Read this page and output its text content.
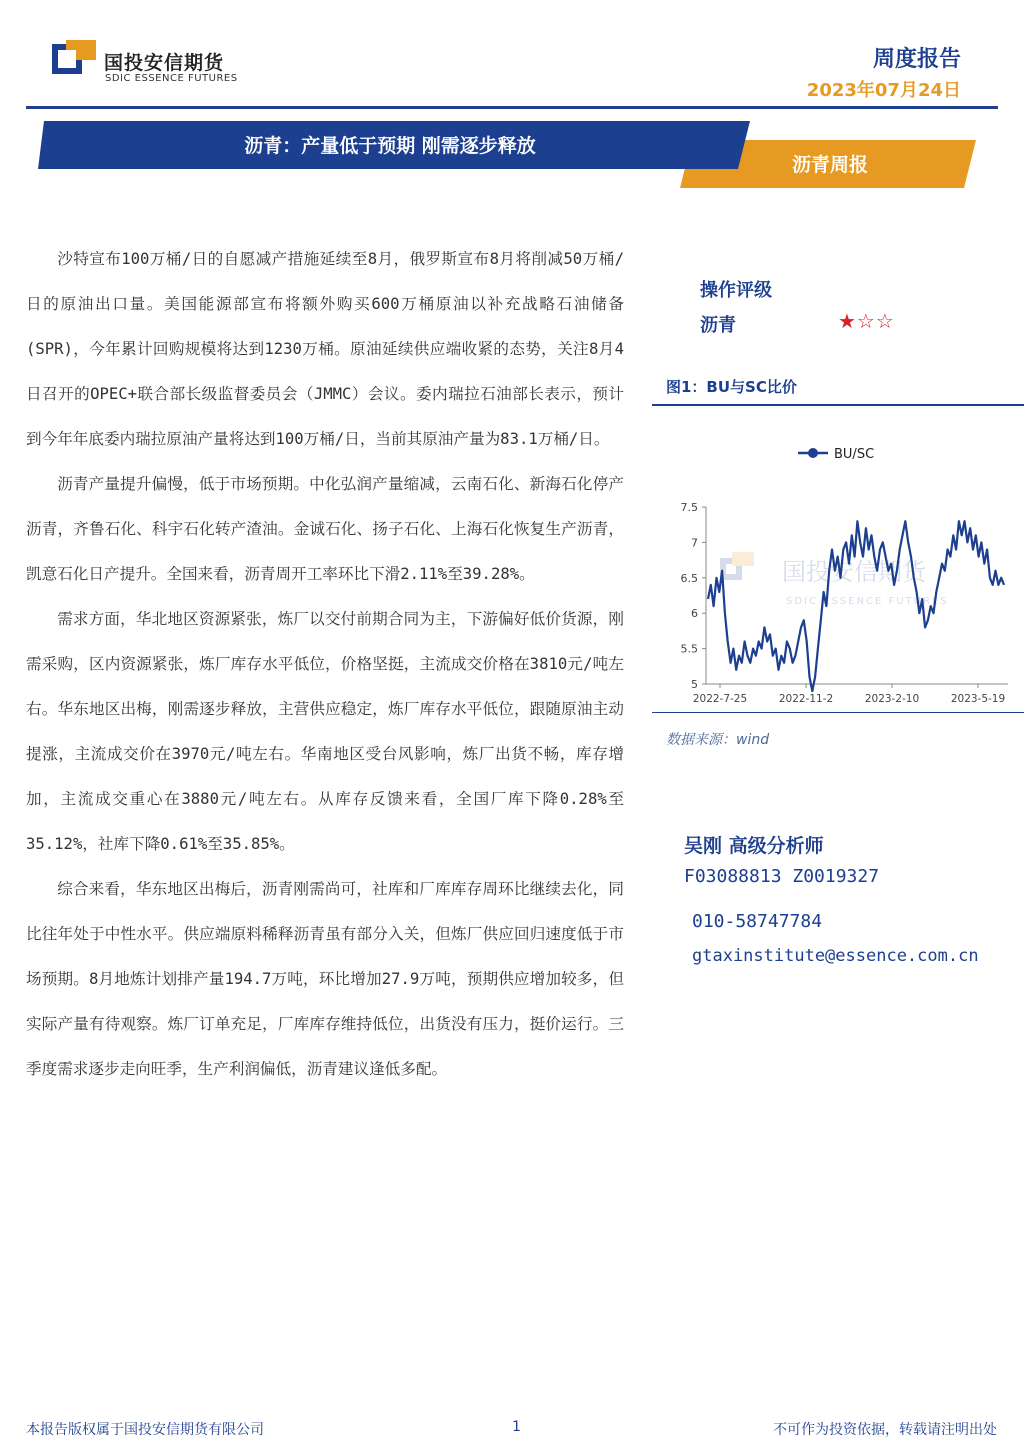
国投安信期货
SDIC ESSENCE FUTURES
周度报告
2023年07月24日
沥青周报
沥青：产量低于预期 刚需逐步释放

沙特宣布100万桶/日的自愿减产措施延续至8月，俄罗斯宣布8月将削减50万桶/日的原油出口量。美国能源部宣布将额外购买600万桶原油以补充战略石油储备(SPR)，今年累计回购规模将达到1230万桶。原油延续供应端收紧的态势，关注8月4日召开的OPEC+联合部长级监督委员会（JMMC）会议。委内瑞拉石油部长表示，预计到今年年底委内瑞拉原油产量将达到100万桶/日，当前其原油产量为83.1万桶/日。

沥青产量提升偏慢，低于市场预期。中化弘润产量缩减，云南石化、新海石化停产沥青，齐鲁石化、科宇石化转产渣油。金诚石化、扬子石化、上海石化恢复生产沥青，凯意石化日产提升。全国来看，沥青周开工率环比下滑2.11%至39.28%。

需求方面，华北地区资源紧张，炼厂以交付前期合同为主，下游偏好低价货源，刚需采购，区内资源紧张，炼厂库存水平低位，价格坚挺，主流成交价格在3810元/吨左右。华东地区出梅，刚需逐步释放，主营供应稳定，炼厂库存水平低位，跟随原油主动提涨，主流成交价在3970元/吨左右。华南地区受台风影响，炼厂出货不畅，库存增加，主流成交重心在3880元/吨左右。从库存反馈来看，全国厂库下降0.28%至35.12%，社库下降0.61%至35.85%。

综合来看，华东地区出梅后，沥青刚需尚可，社库和厂库库存周环比继续去化，同比往年处于中性水平。供应端原料稀释沥青虽有部分入关，但炼厂供应回归速度低于市场预期。8月地炼计划排产量194.7万吨，环比增加27.9万吨，预期供应增加较多，但实际产量有待观察。炼厂订单充足，厂库库存维持低位，出货没有压力，挺价运行。三季度需求逐步走向旺季，生产利润偏低，沥青建议逢低多配。

操作评级
沥青	★☆☆
图1：BU与SC比价
国投安信期货
SDIC ESSENCE FUTURES
BU/SC
5
5.5
6
6.5
7
7.5
2022-7-25	2022-11-2	2023-2-10	2023-5-19
数据来源：wind
吴刚 高级分析师
F03088813 Z0019327
010-58747784
gtaxinstitute@essence.com.cn
本报告版权属于国投安信期货有限公司	1	不可作为投资依据，转载请注明出处
